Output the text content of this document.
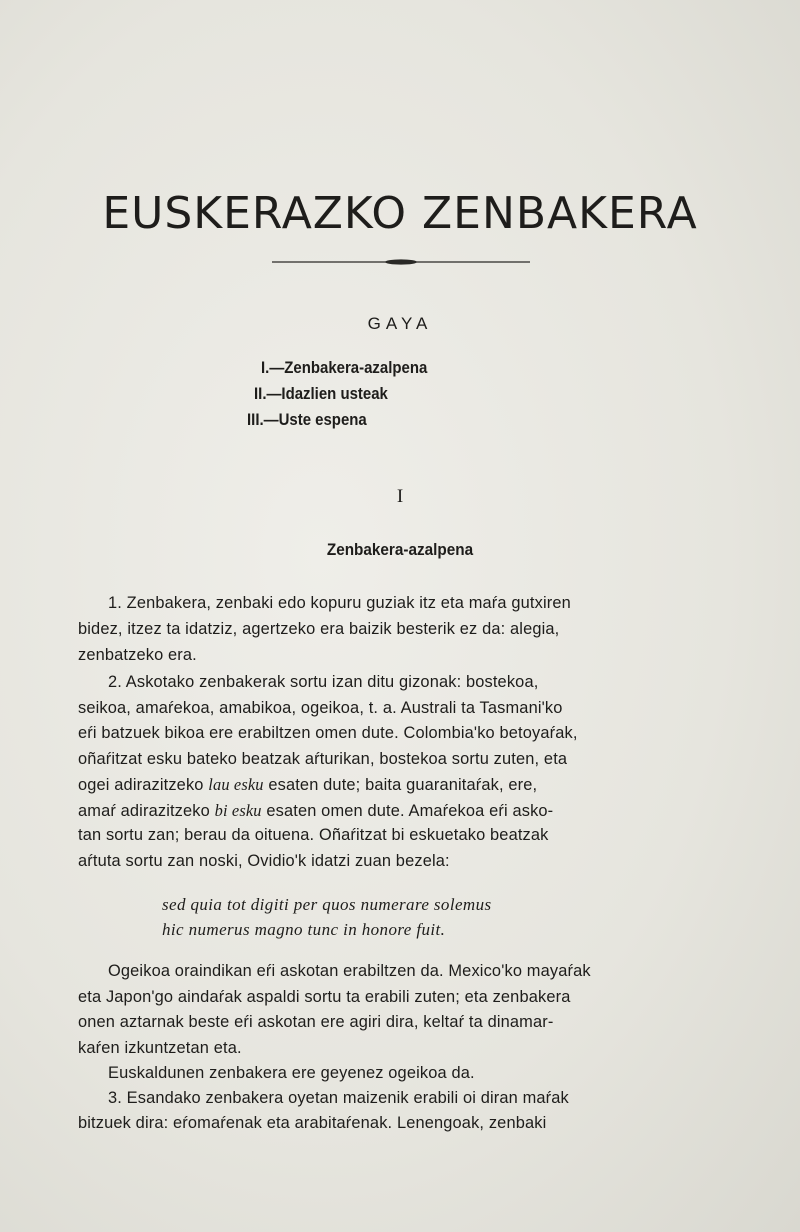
EUSKERAZKO ZENBAKERA
GAYA
I.—Zenbakera-azalpena
II.—Idazlien usteak
III.—Uste espena
I
Zenbakera-azalpena
1. Zenbakera, zenbaki edo kopuru guziak itz eta maŕa gutxiren
bidez, itzez ta idatziz, agertzeko era baizik besterik ez da: alegia,
zenbatzeko era.
2. Askotako zenbakerak sortu izan ditu gizonak: bostekoa,
seikoa, amaŕekoa, amabikoa, ogeikoa, t. a. Australi ta Tasmani'ko
eŕi batzuek bikoa ere erabiltzen omen dute. Colombia'ko betoyaŕak,
oñaŕitzat esku bateko beatzak aŕturikan, bostekoa sortu zuten, eta
ogei adirazitzeko lau esku esaten dute; baita guaranitaŕak, ere,
amaŕ adirazitzeko bi esku esaten omen dute. Amaŕekoa eŕi asko-
tan sortu zan; berau da oituena. Oñaŕitzat bi eskuetako beatzak
aŕtuta sortu zan noski, Ovidio'k idatzi zuan bezela:
sed quia tot digiti per quos numerare solemus
hic numerus magno tunc in honore fuit.
Ogeikoa oraindikan eŕi askotan erabiltzen da. Mexico'ko mayaŕak
eta Japon'go aindaŕak aspaldi sortu ta erabili zuten; eta zenbakera
onen aztarnak beste eŕi askotan ere agiri dira, keltaŕ ta dinamar-
kaŕen izkuntzetan eta.
Euskaldunen zenbakera ere geyenez ogeikoa da.
3. Esandako zenbakera oyetan maizenik erabili oi diran maŕak
bitzuek dira: eŕomaŕenak eta arabitaŕenak. Lenengoak, zenbaki
